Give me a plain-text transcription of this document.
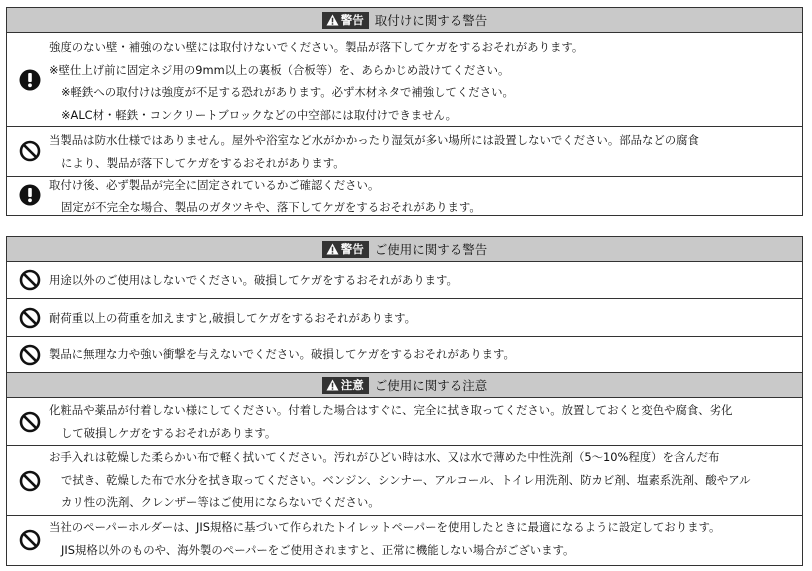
警告 取付けに関する警告
強度のない壁・補強のない壁には取付けないでください。製品が落下してケガをするおそれがあります。
※壁仕上げ前に固定ネジ用の9mm以上の裏板（合板等）を、あらかじめ設けてください。
※軽鉄への取付けは強度が不足する恐れがあります。必ず木材ネタで補強してください。
※ALC材・軽鉄・コンクリートブロックなどの中空部には取付けできません。
当製品は防水仕様ではありません。屋外や浴室など水がかかったり湿気が多い場所には設置しないでください。部品などの腐食
により、製品が落下してケガをするおそれがあります。
取付け後、必ず製品が完全に固定されているかご確認ください。
固定が不完全な場合、製品のガタツキや、落下してケガをするおそれがあります。
警告 ご使用に関する警告
用途以外のご使用はしないでください。破損してケガをするおそれがあります。
耐荷重以上の荷重を加えますと,破損してケガをするおそれがあります。
製品に無理な力や強い衝撃を与えないでください。破損してケガをするおそれがあります。
注意 ご使用に関する注意
化粧品や薬品が付着しない様にしてください。付着した場合はすぐに、完全に拭き取ってください。放置しておくと変色や腐食、劣化
して破損しケガをするおそれがあります。
お手入れは乾燥した柔らかい布で軽く拭いてください。汚れがひどい時は水、又は水で薄めた中性洗剤（5～10%程度）を含んだ布
で拭き、乾燥した布で水分を拭き取ってください。ベンジン、シンナー、アルコール、トイレ用洗剤、防カビ剤、塩素系洗剤、酸やアル
カリ性の洗剤、クレンザー等はご使用にならないでください。
当社のペーパーホルダーは、JIS規格に基づいて作られたトイレットペーパーを使用したときに最適になるように設定しております。
JIS規格以外のものや、海外製のペーパーをご使用されますと、正常に機能しない場合がございます。
